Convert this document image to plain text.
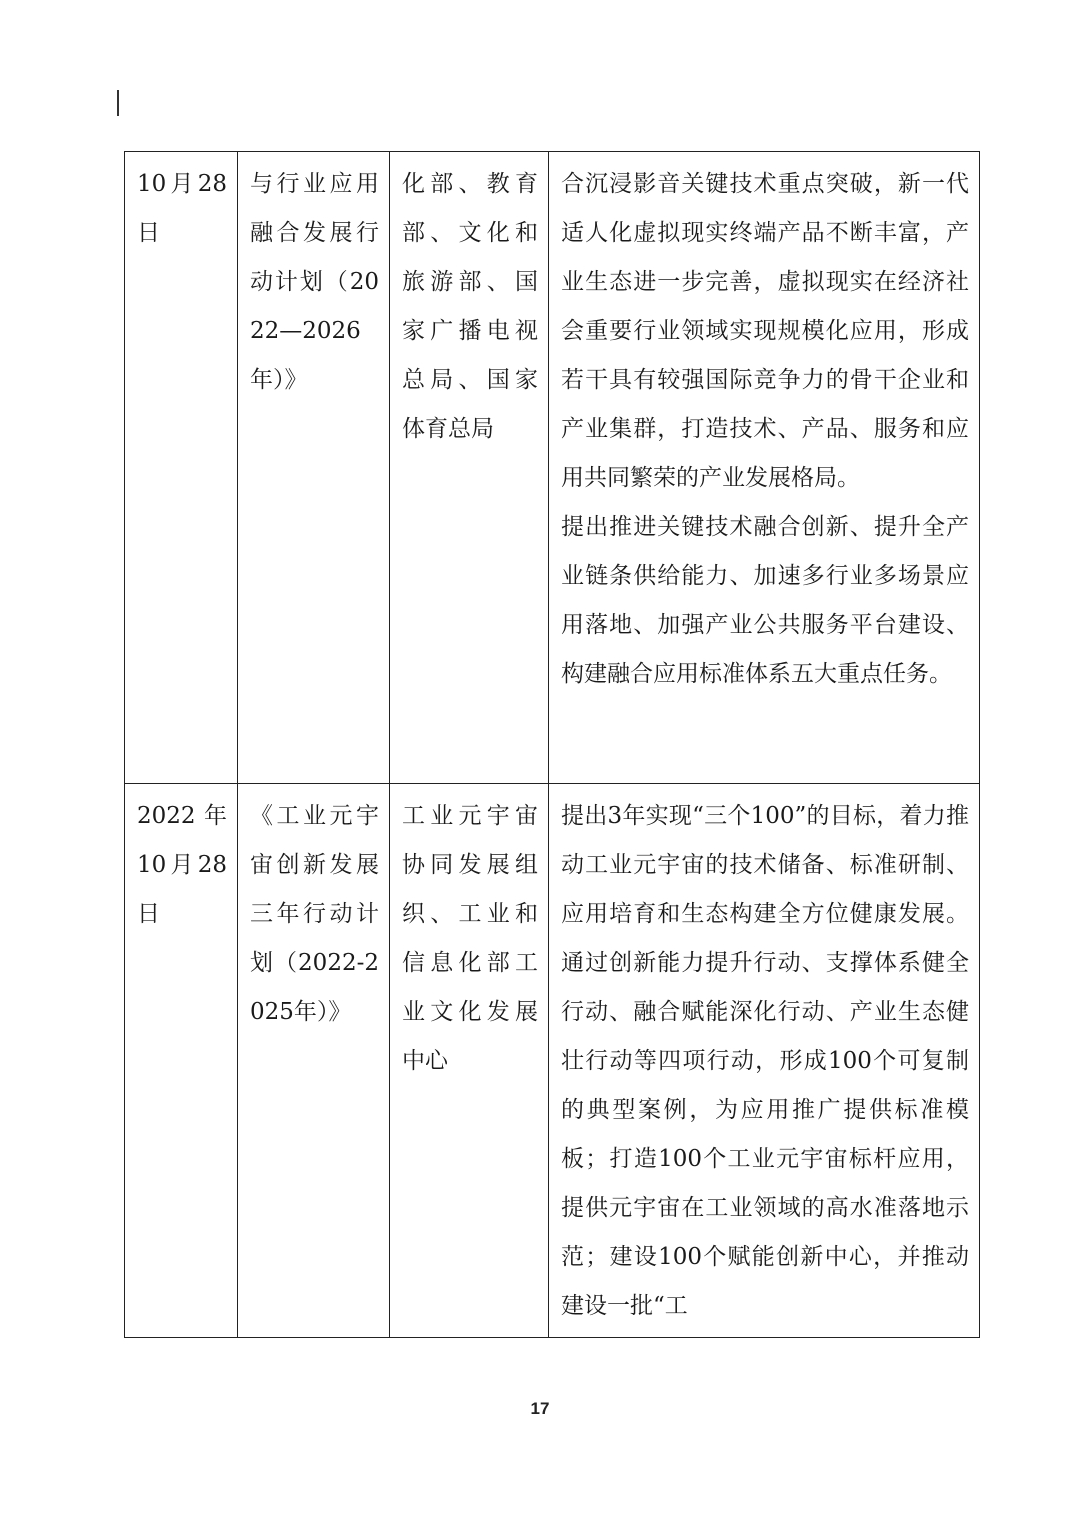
10月28日	与行业应用融合发展行动计划（2022—2026年）》	化部、教育部、文化和旅游部、国家广播电视总局、国家体育总局	合沉浸影音关键技术重点突破，新一代适人化虚拟现实终端产品不断丰富，产业生态进一步完善，虚拟现实在经济社会重要行业领域实现规模化应用，形成若干具有较强国际竞争力的骨干企业和产业集群，打造技术、产品、服务和应用共同繁荣的产业发展格局。
提出推进关键技术融合创新、提升全产业链条供给能力、加速多行业多场景应用落地、加强产业公共服务平台建设、构建融合应用标准体系五大重点任务。

2022年10月28日	《工业元宇宙创新发展三年行动计划（2022-2025年）》	工业元宇宙协同发展组织、工业和信息化部工业文化发展中心	提出3年实现“三个100”的目标，着力推动工业元宇宙的技术储备、标准研制、应用培育和生态构建全方位健康发展。通过创新能力提升行动、支撑体系健全行动、融合赋能深化行动、产业生态健壮行动等四项行动，形成100个可复制的典型案例，为应用推广提供标准模板；打造100个工业元宇宙标杆应用，提供元宇宙在工业领域的高水准落地示范；建设100个赋能创新中心，并推动建设一批“工
17
